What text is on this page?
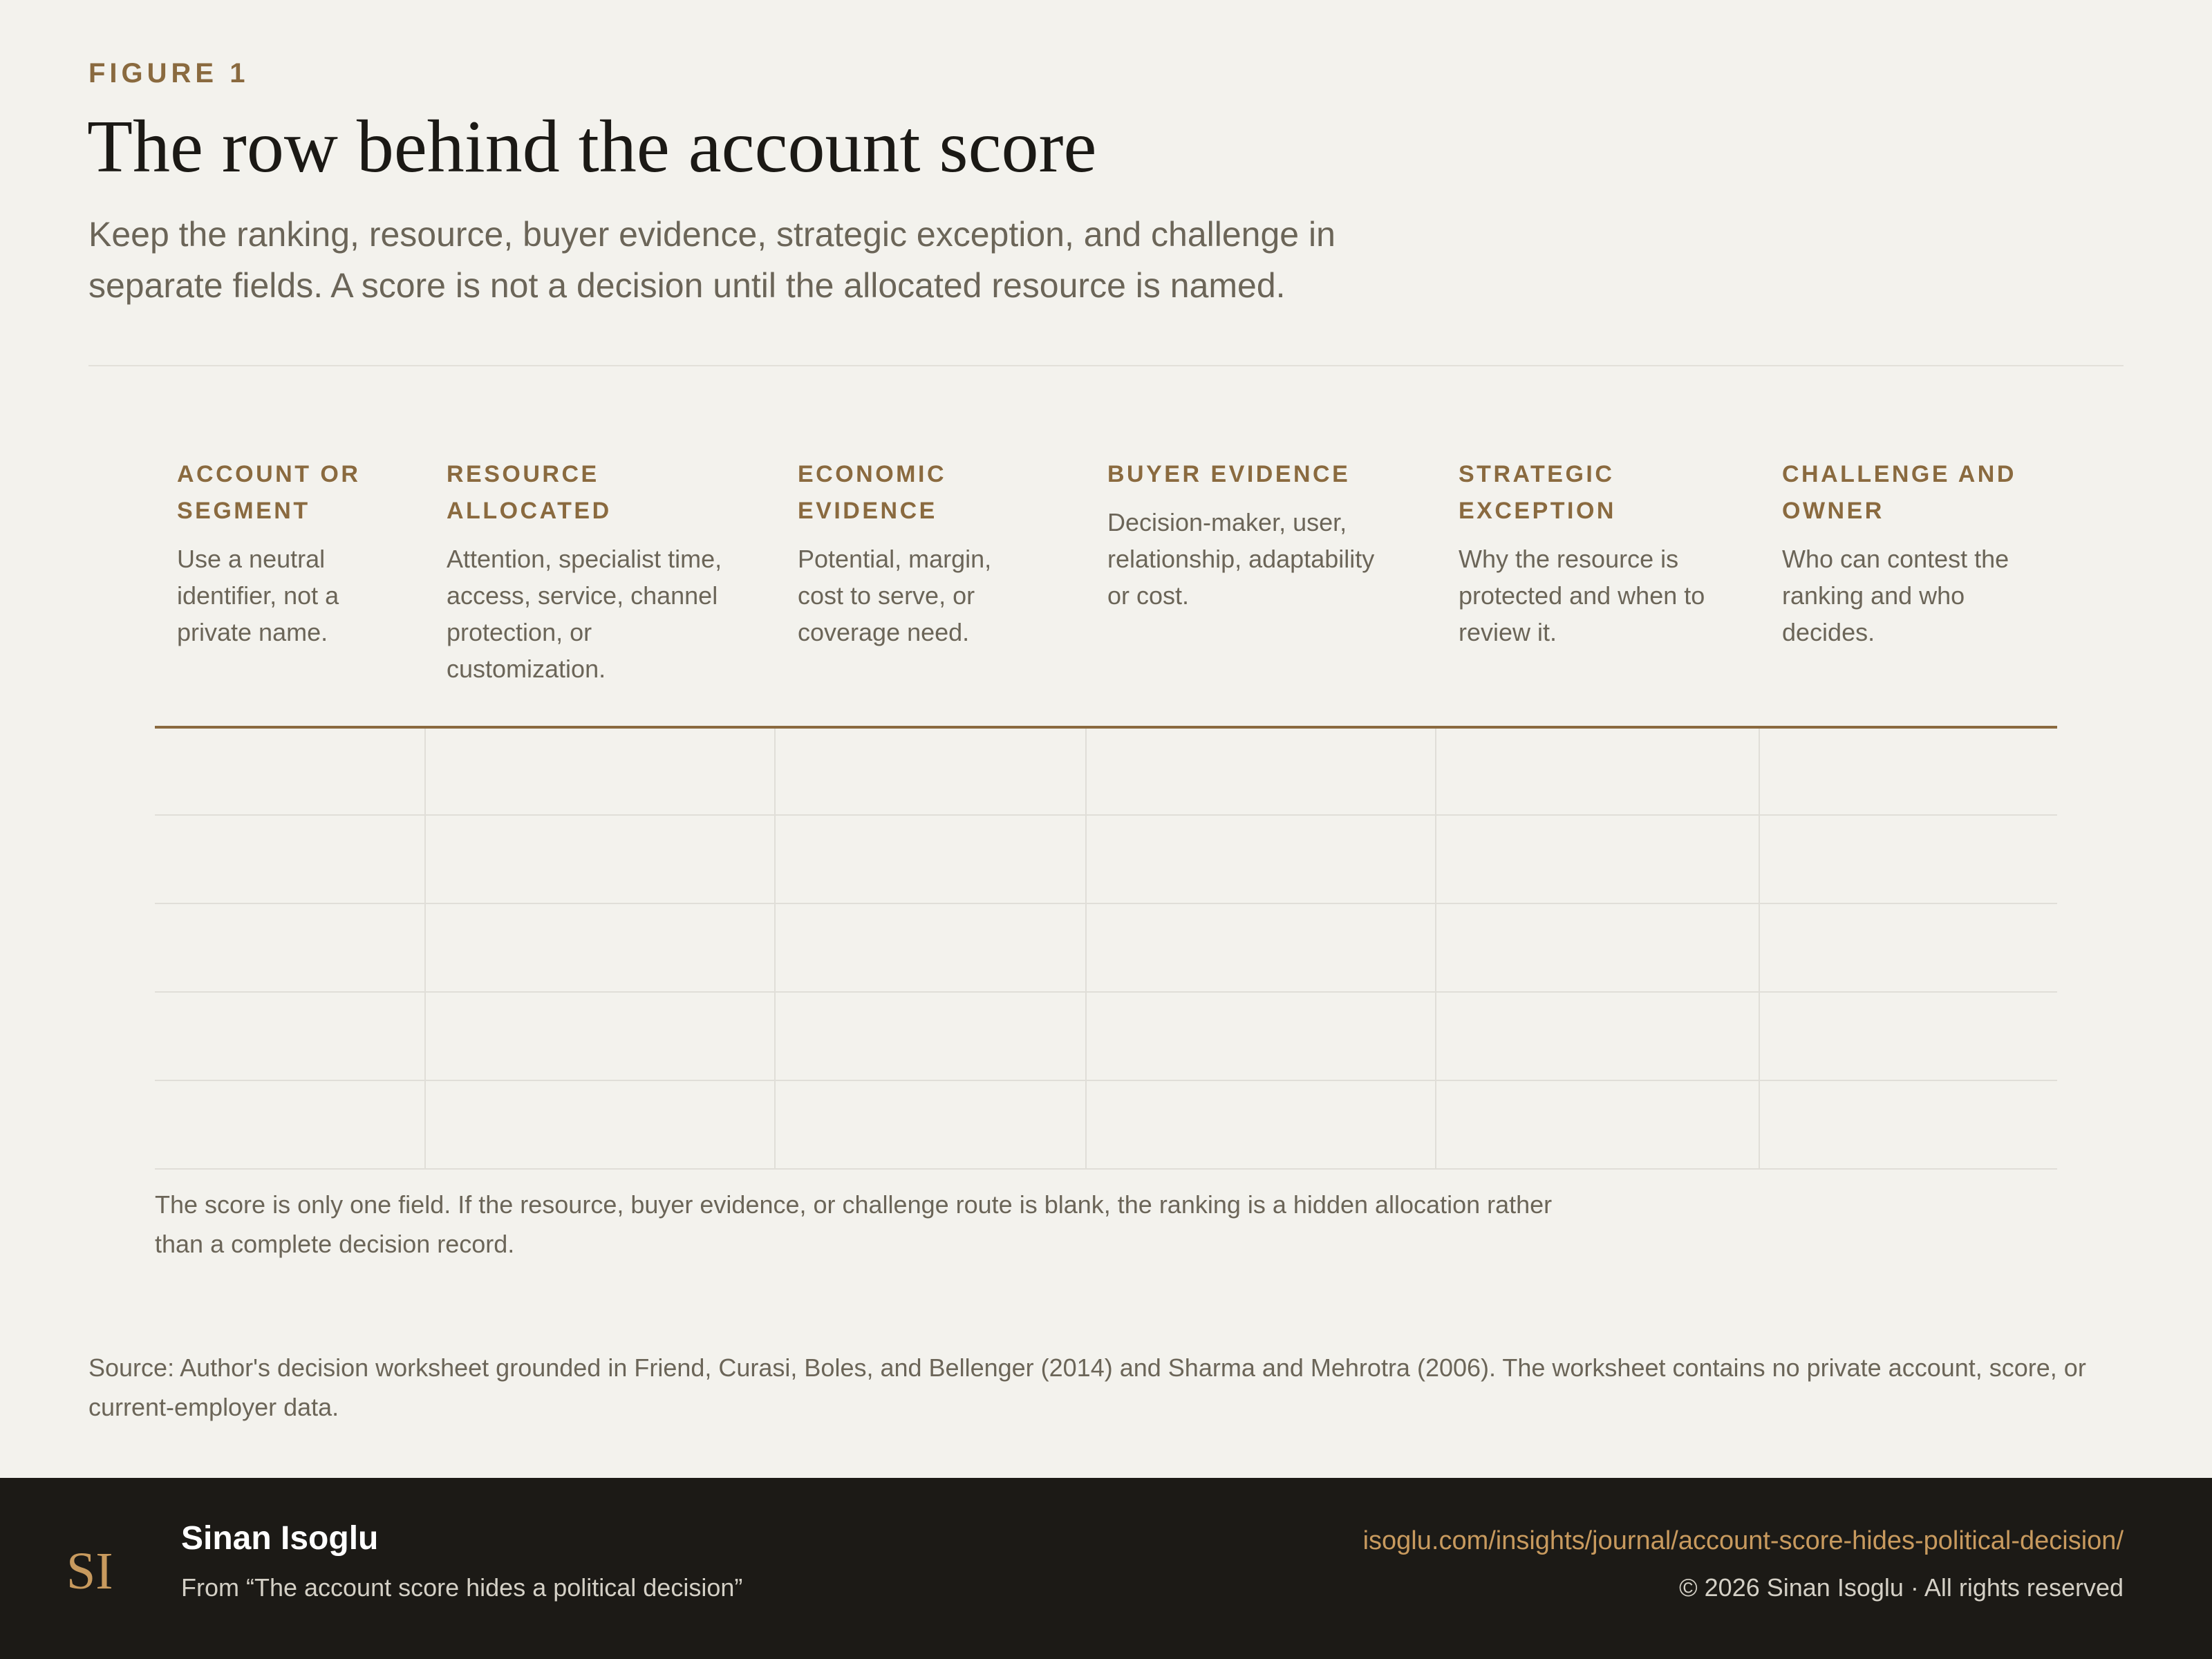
FIGURE 1
The row behind the account score

Keep the ranking, resource, buyer evidence, strategic exception, and challenge in separate fields. A score is not a decision until the allocated resource is named.

ACCOUNT OR SEGMENT
Use a neutral identifier, not a private name.
RESOURCE ALLOCATED
Attention, specialist time, access, service, channel protection, or customization.
ECONOMIC EVIDENCE
Potential, margin, cost to serve, or coverage need.
BUYER EVIDENCE
Decision-maker, user, relationship, adaptability or cost.
STRATEGIC EXCEPTION
Why the resource is protected and when to review it.
CHALLENGE AND OWNER
Who can contest the ranking and who decides.

The score is only one field. If the resource, buyer evidence, or challenge route is blank, the ranking is a hidden allocation rather than a complete decision record.

Source: Author's decision worksheet grounded in Friend, Curasi, Boles, and Bellenger (2014) and Sharma and Mehrotra (2006). The worksheet contains no private account, score, or current-employer data.

SI
Sinan Isoglu
From “The account score hides a political decision”
isoglu.com/insights/journal/account-score-hides-political-decision/
© 2026 Sinan Isoglu · All rights reserved
